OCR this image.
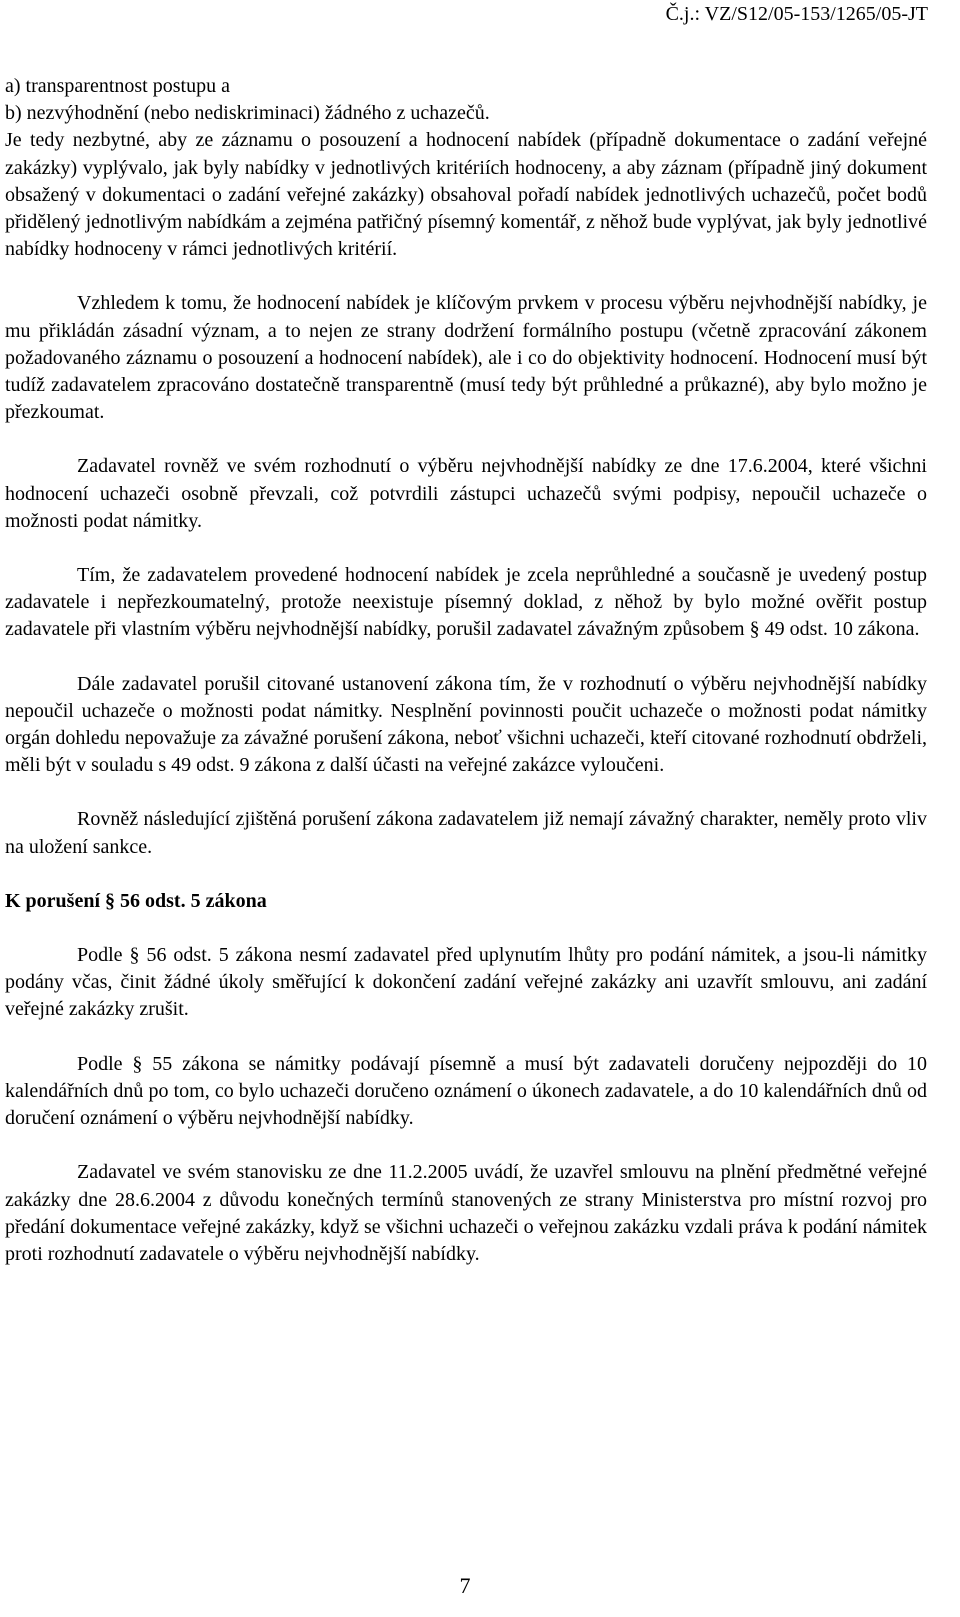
Č.j.: VZ/S12/05-153/1265/05-JT

a) transparentnost postupu a

b) nezvýhodnění (nebo nediskriminaci) žádného z uchazečů.

Je tedy nezbytné, aby ze záznamu o posouzení a hodnocení nabídek (případně dokumentace o zadání veřejné zakázky) vyplývalo, jak byly nabídky v jednotlivých kritériích hodnoceny, a aby záznam (případně jiný dokument obsažený v dokumentaci o zadání veřejné zakázky) obsahoval pořadí nabídek jednotlivých uchazečů, počet bodů přidělený jednotlivým nabídkám a zejména patřičný písemný komentář, z něhož bude vyplývat, jak byly jednotlivé nabídky hodnoceny v rámci jednotlivých kritérií.

Vzhledem k tomu, že hodnocení nabídek je klíčovým prvkem v procesu výběru nejvhodnější nabídky, je mu přikládán zásadní význam, a to nejen ze strany dodržení formálního postupu (včetně zpracování zákonem požadovaného záznamu o posouzení a hodnocení nabídek), ale i co do objektivity hodnocení. Hodnocení musí být tudíž zadavatelem zpracováno dostatečně transparentně (musí tedy být průhledné a průkazné), aby bylo možno je přezkoumat.

Zadavatel rovněž ve svém rozhodnutí o výběru nejvhodnější nabídky ze dne 17.6.2004, které všichni hodnocení uchazeči osobně převzali, což potvrdili zástupci uchazečů svými podpisy, nepoučil uchazeče o možnosti podat námitky.

Tím, že zadavatelem provedené hodnocení nabídek je zcela neprůhledné a současně je uvedený postup zadavatele i nepřezkoumatelný, protože neexistuje písemný doklad, z něhož by bylo možné ověřit postup zadavatele při vlastním výběru nejvhodnější nabídky, porušil zadavatel závažným způsobem § 49 odst. 10 zákona.

Dále zadavatel porušil citované ustanovení zákona tím, že v rozhodnutí o výběru nejvhodnější nabídky nepoučil uchazeče o možnosti podat námitky. Nesplnění povinnosti poučit uchazeče o možnosti podat námitky orgán dohledu nepovažuje za závažné porušení zákona, neboť všichni uchazeči, kteří citované rozhodnutí obdrželi, měli být v souladu s 49 odst. 9 zákona z další účasti na veřejné zakázce vyloučeni.

Rovněž následující zjištěná porušení zákona zadavatelem již nemají závažný charakter, neměly proto vliv na uložení sankce.

K porušení § 56 odst. 5 zákona

Podle § 56 odst. 5 zákona nesmí zadavatel před uplynutím lhůty pro podání námitek, a jsou-li námitky podány včas, činit žádné úkoly směřující k dokončení zadání veřejné zakázky ani uzavřít smlouvu, ani zadání veřejné zakázky zrušit.

Podle § 55 zákona se námitky podávají písemně a musí být zadavateli doručeny nejpozději do 10 kalendářních dnů po tom, co bylo uchazeči doručeno oznámení o úkonech zadavatele, a do 10 kalendářních dnů od doručení oznámení o výběru nejvhodnější nabídky.

Zadavatel ve svém stanovisku ze dne 11.2.2005 uvádí, že uzavřel smlouvu na plnění předmětné veřejné zakázky dne 28.6.2004 z důvodu konečných termínů stanovených ze strany Ministerstva pro místní rozvoj pro předání dokumentace veřejné zakázky, když se všichni uchazeči o veřejnou zakázku vzdali práva k podání námitek proti rozhodnutí zadavatele o výběru nejvhodnější nabídky.

7
